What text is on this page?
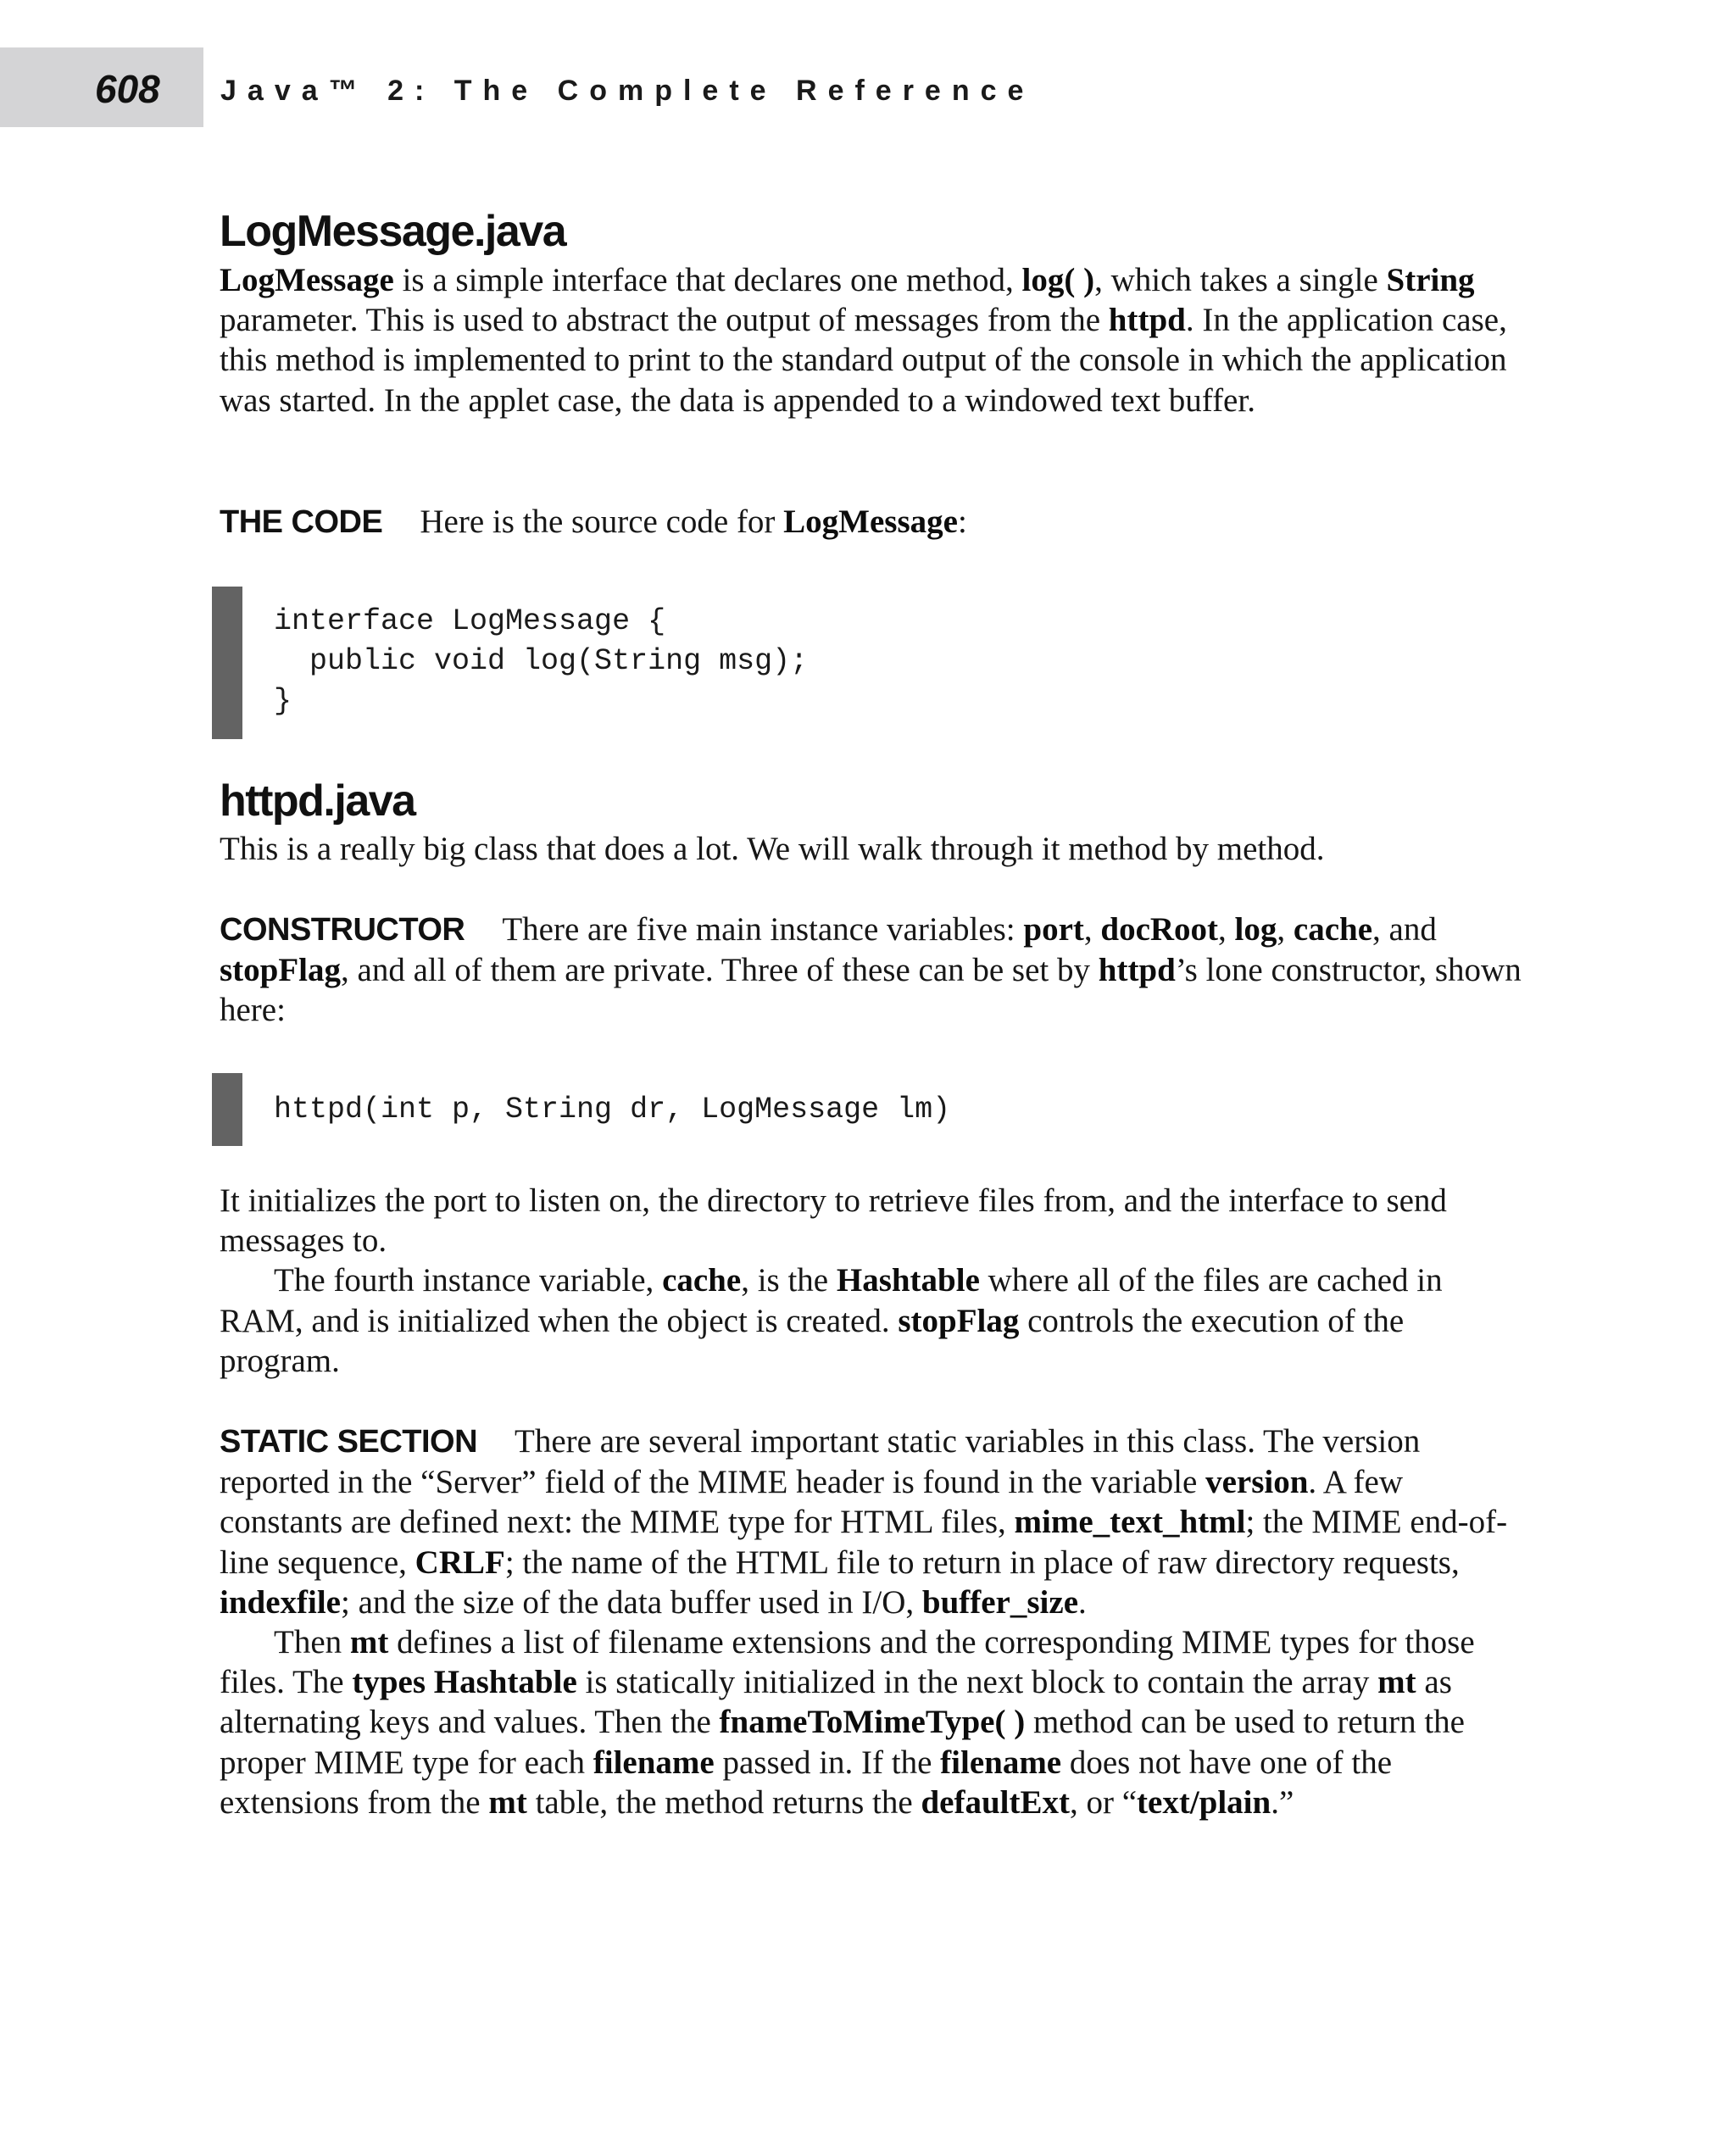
608 Java™ 2: The Complete Reference
LogMessage.java

LogMessage is a simple interface that declares one method, log( ), which takes a single String parameter. This is used to abstract the output of messages from the httpd. In the application case, this method is implemented to print to the standard output of the console in which the application was started. In the applet case, the data is appended to a windowed text buffer.

THE CODE Here is the source code for LogMessage:

interface LogMessage {
public void log(String msg);
}
httpd.java

This is a really big class that does a lot. We will walk through it method by method.

CONSTRUCTOR There are five main instance variables: port, docRoot, log, cache, and stopFlag, and all of them are private. Three of these can be set by httpd’s lone constructor, shown here:

httpd(int p, String dr, LogMessage lm)

It initializes the port to listen on, the directory to retrieve files from, and the interface to send messages to.

The fourth instance variable, cache, is the Hashtable where all of the files are cached in RAM, and is initialized when the object is created. stopFlag controls the execution of the program.

STATIC SECTION There are several important static variables in this class. The version reported in the “Server” field of the MIME header is found in the variable version. A few constants are defined next: the MIME type for HTML files, mime_text_html; the MIME end-of-line sequence, CRLF; the name of the HTML file to return in place of raw directory requests, indexfile; and the size of the data buffer used in I/O, buffer_size.

Then mt defines a list of filename extensions and the corresponding MIME types for those files. The types Hashtable is statically initialized in the next block to contain the array mt as alternating keys and values. Then the fnameToMimeType( ) method can be used to return the proper MIME type for each filename passed in. If the filename does not have one of the extensions from the mt table, the method returns the defaultExt, or “text/plain.”
